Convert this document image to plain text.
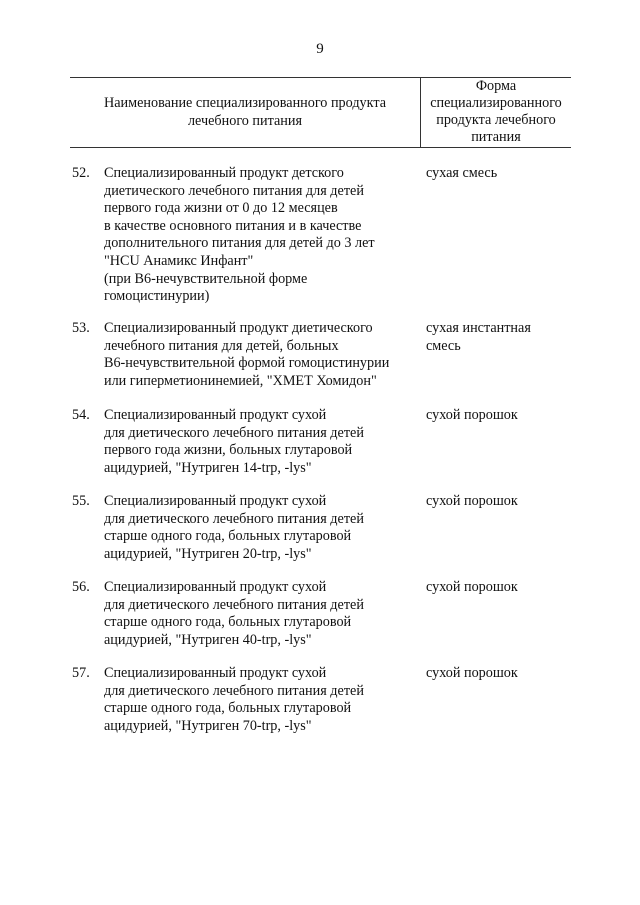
9
Наименование специализированного продукта
лечебного питания
Форма
специализированного
продукта лечебного
питания
52. Специализированный продукт детского
диетического лечебного питания для детей
первого года жизни от 0 до 12 месяцев
в качестве основного питания и в качестве
дополнительного питания для детей до 3 лет
"HCU Анамикс Инфант"
(при В6-нечувствительной форме
гомоцистинурии)
сухая смесь
53. Специализированный продукт диетического
лечебного питания для детей, больных
В6-нечувствительной формой гомоцистинурии
или гиперметионинемией, "ХМЕТ Хомидон"
сухая инстантная
смесь
54. Специализированный продукт сухой
для диетического лечебного питания детей
первого года жизни, больных глутаровой
ацидурией, "Нутриген 14-trp, -lys"
сухой порошок
55. Специализированный продукт сухой
для диетического лечебного питания детей
старше одного года, больных глутаровой
ацидурией, "Нутриген 20-trp, -lys"
сухой порошок
56. Специализированный продукт сухой
для диетического лечебного питания детей
старше одного года, больных глутаровой
ацидурией, "Нутриген 40-trp, -lys"
сухой порошок
57. Специализированный продукт сухой
для диетического лечебного питания детей
старше одного года, больных глутаровой
ацидурией, "Нутриген 70-trp, -lys"
сухой порошок
